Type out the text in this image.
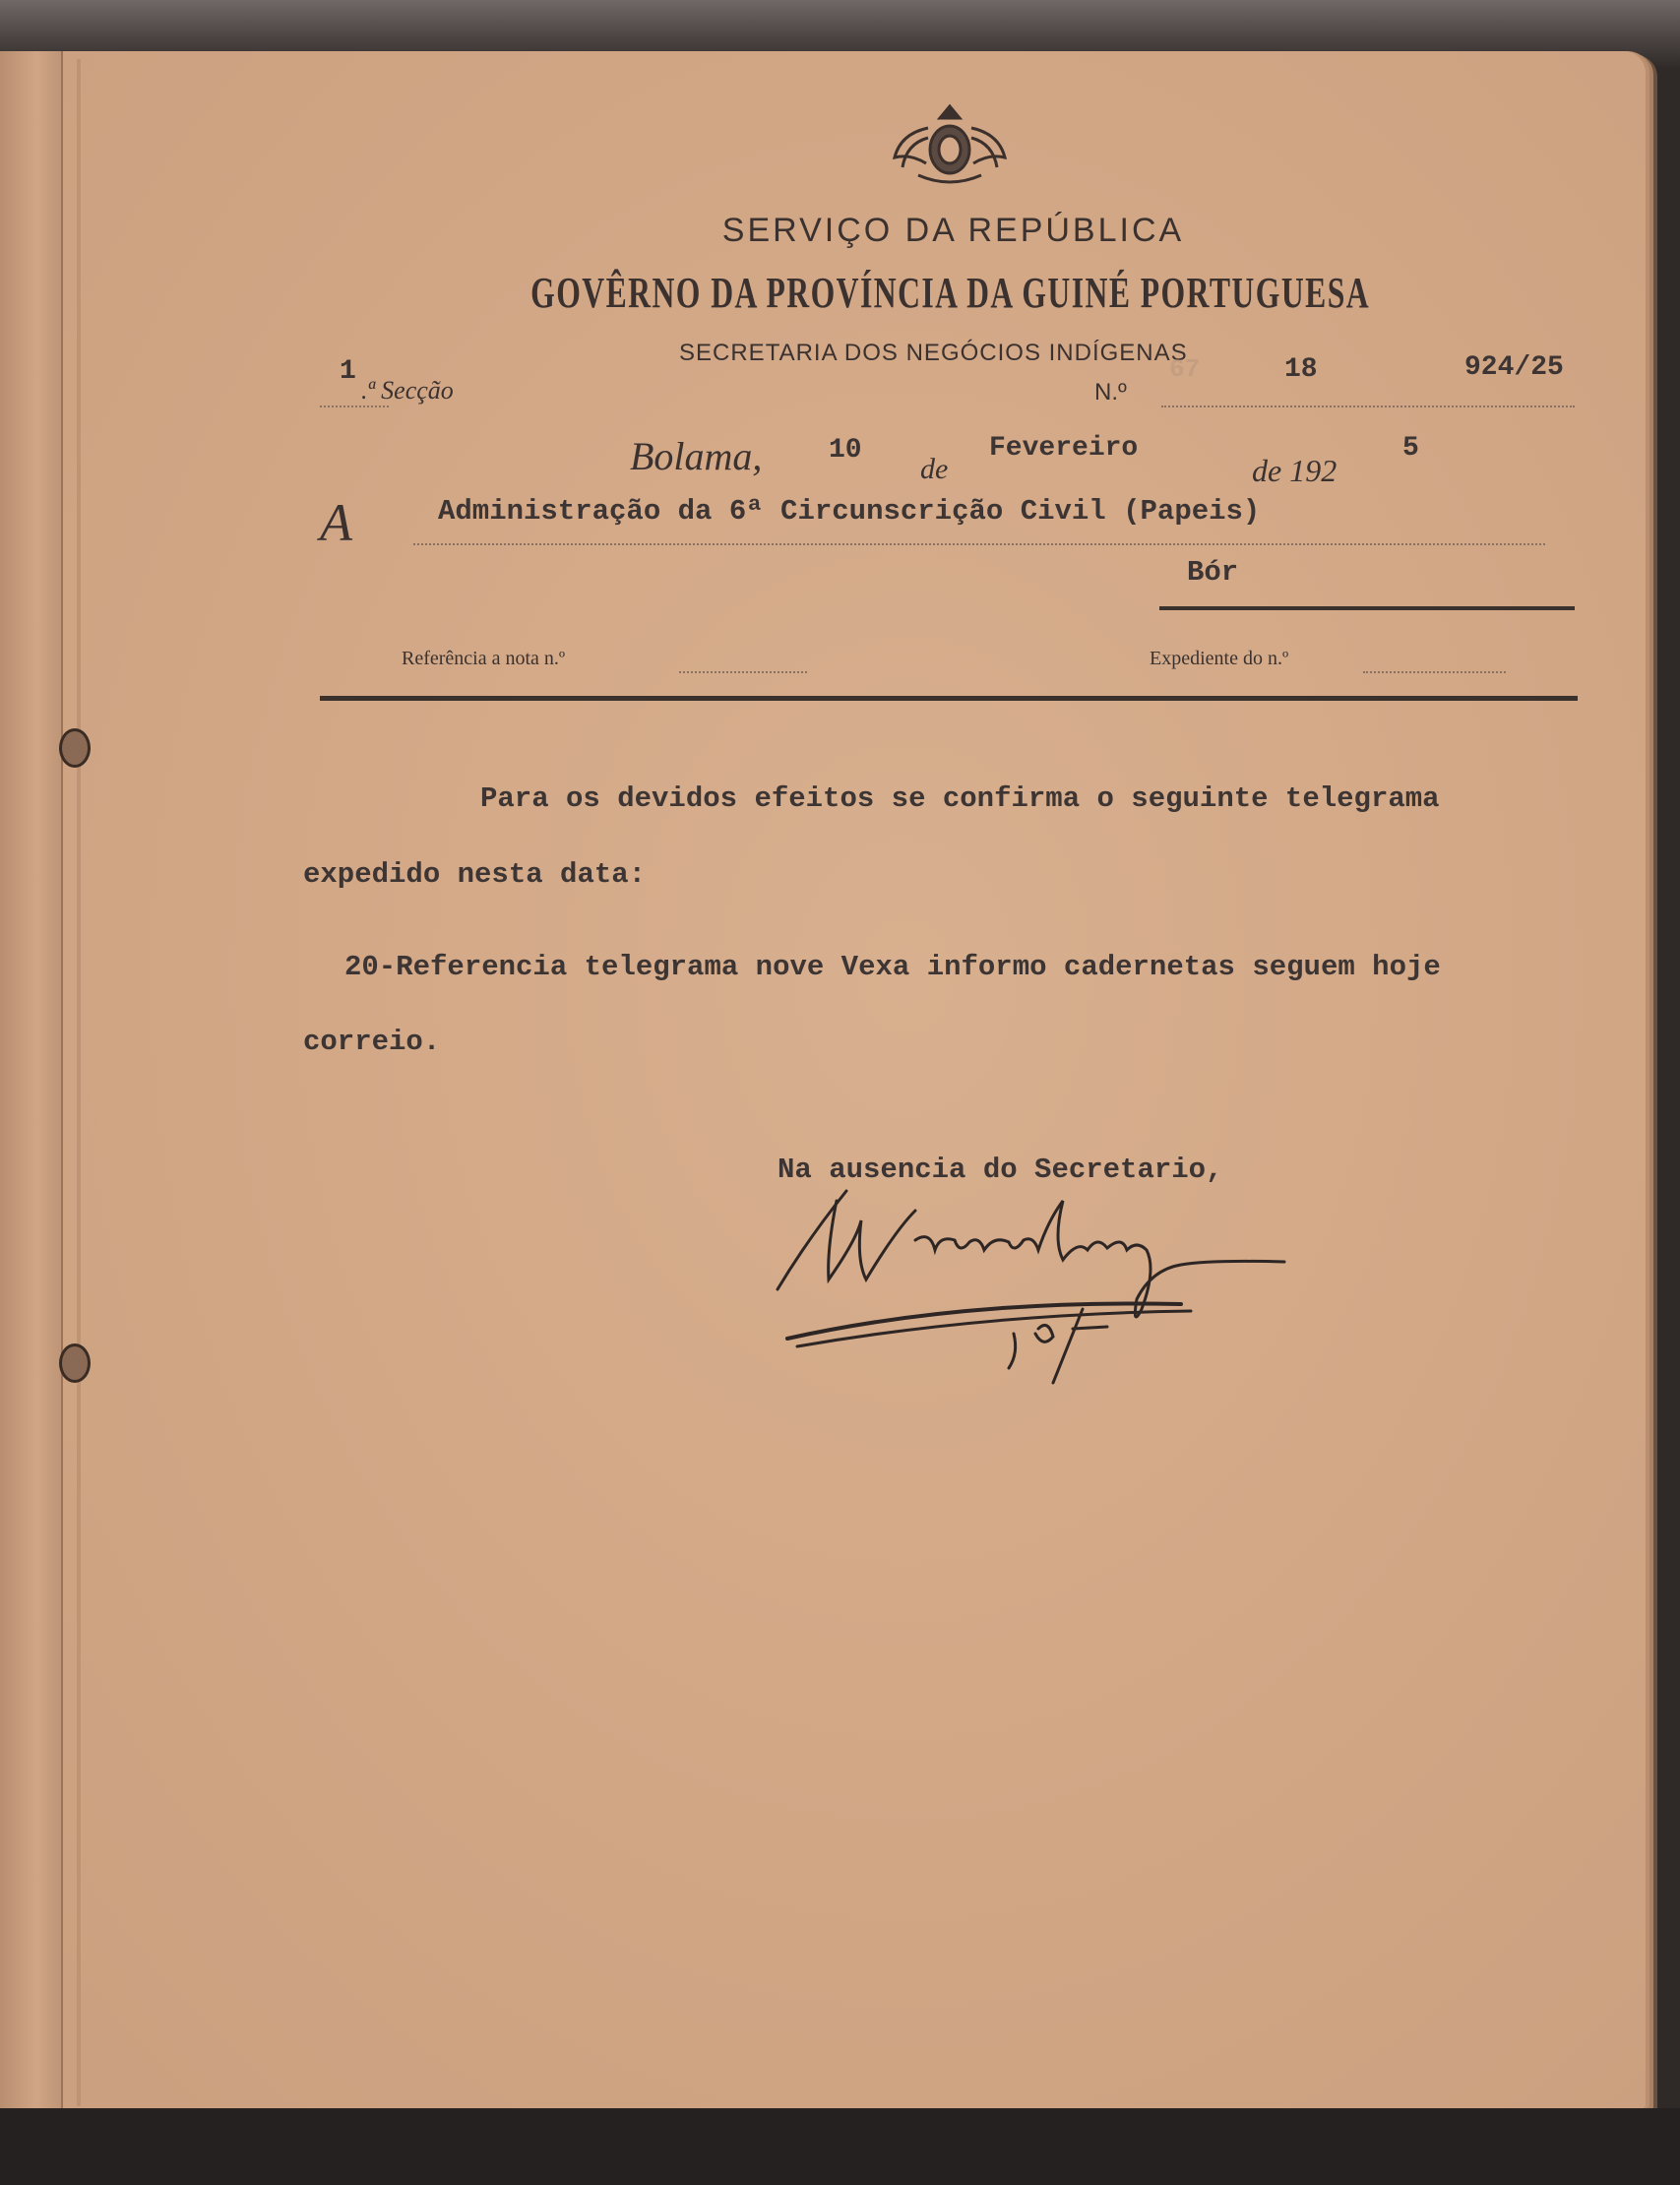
SERVIÇO DA REPÚBLICA
GOVÊRNO DA PROVÍNCIA DA GUINÉ PORTUGUESA
SECRETARIA DOS NEGÓCIOS INDÍGENAS
1
.ª Secção	N.º
67	18	924/25
Bolama, 10
de
Fevereiro
de 192
5
A	Administração da 6ª Circunscrição Civil (Papeis)
Bór
Referência a nota n.º	Expediente do n.º
Para os devidos efeitos se confirma o seguinte telegrama
expedido nesta data:
20-Referencia telegrama nove Vexa informo cadernetas seguem hoje
correio.
Na ausencia do Secretario,
